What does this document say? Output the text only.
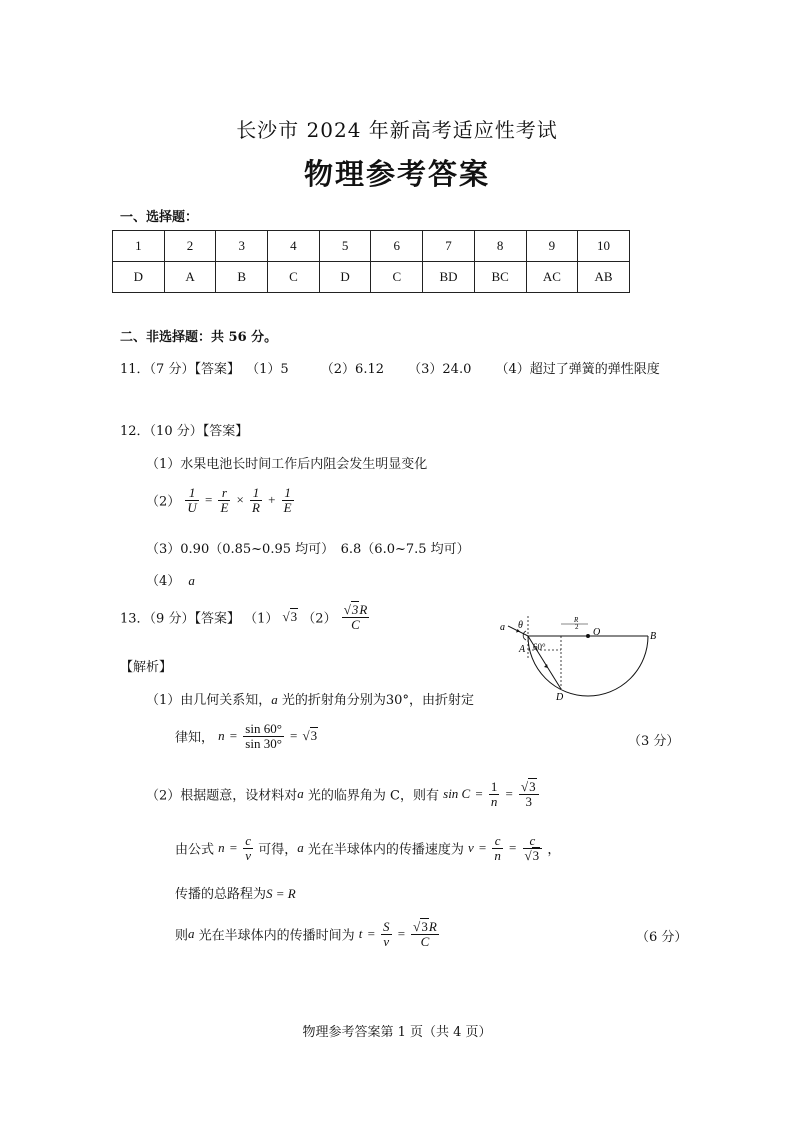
长沙市 2024 年新高考适应性考试
物理参考答案
一、选择题：
1	2	3	4	5	6	7	8	9	10
D	A	B	C	D	C	BD	BC	AC	AB
二、非选择题：共 56 分。
11．（7 分）【答案】 （1）5 （2）6.12 （3）24.0 （4）超过了弹簧的弹性限度
12．（10 分）【答案】
（1）水果电池长时间工作后内阻会发生明显变化
$(2) \frac{1}{U} = \frac{r}{E} \times \frac{1}{R} + \frac{1}{E}$
（3）0.90（0.85~0.95 均可）　6.8（6.0~7.5 均可）
（4） a
13．（9 分）【答案】 （1） √3 $(2) \frac{√3R}{C}$
【解析】
（1）由几何关系知，a 光的折射角分别为30°，由折射定
律知， $n = \frac{\sin 60^\circ}{\sin 30^\circ} = √3$	（3 分）
（2）根据题意，设材料对a 光的临界角为 C，则有 $\sin C = \frac{1}{n} = \frac{√3}{3}$
由公式 $n = \frac{c}{v}$ 可得，a 光在半球体内的传播速度为 $v = \frac{c}{n} = \frac{c}{√3}$ ，
传播的总路程为S = R
则a 光在半球体内的传播时间为 $t = \frac{S}{v} = \frac{√3R}{C}$	（6 分）
a θ
A 60°
O	B
D
R
2
物理参考答案第 1 页（共 4 页）
